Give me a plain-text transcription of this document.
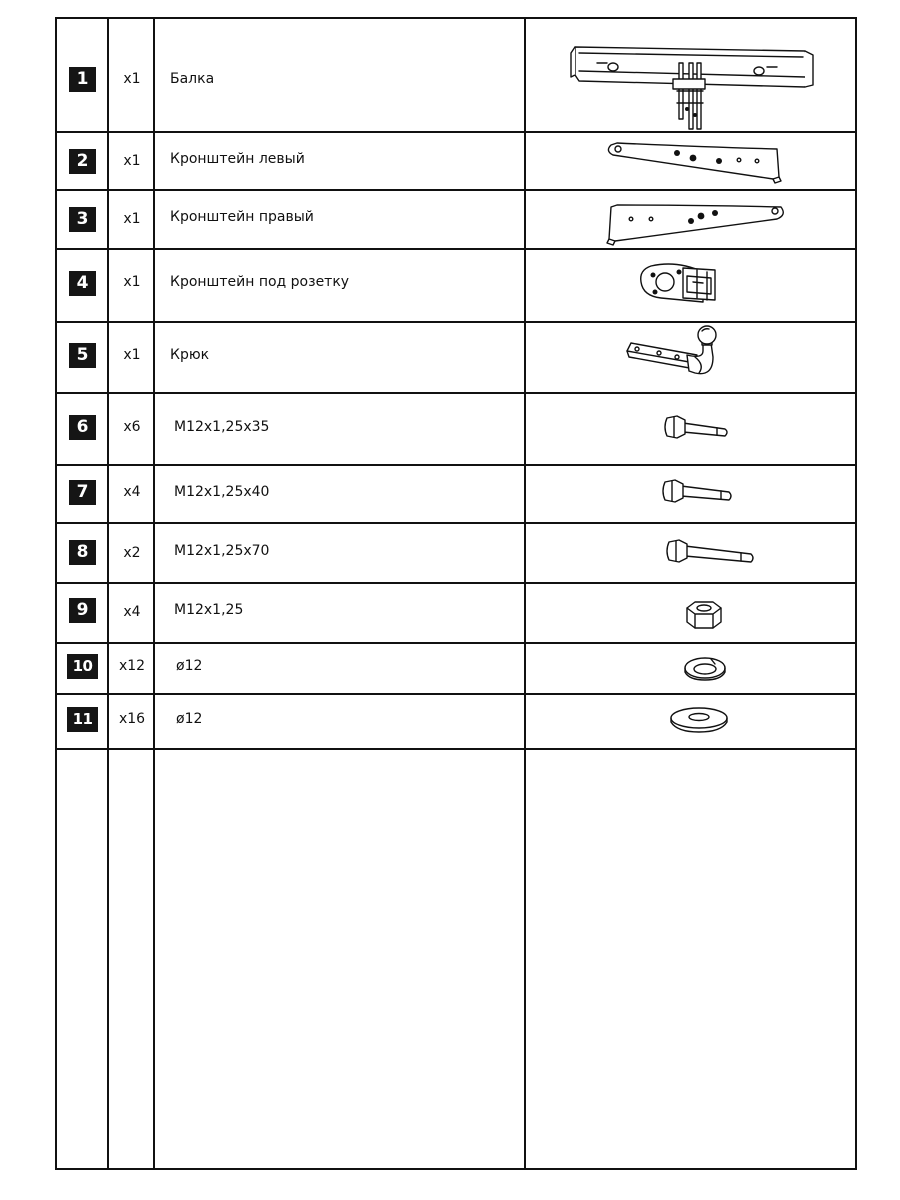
1	x1	Балка
2	x1	Кронштейн левый
3	x1	Кронштейн правый
4	x1	Кронштейн под розетку
5	x1	Крюк
6	x6	M12x1,25x35
7	x4	M12x1,25x40
8	x2	M12x1,25x70
9	x4	M12x1,25
10	x12	ø12
11	x16	ø12
